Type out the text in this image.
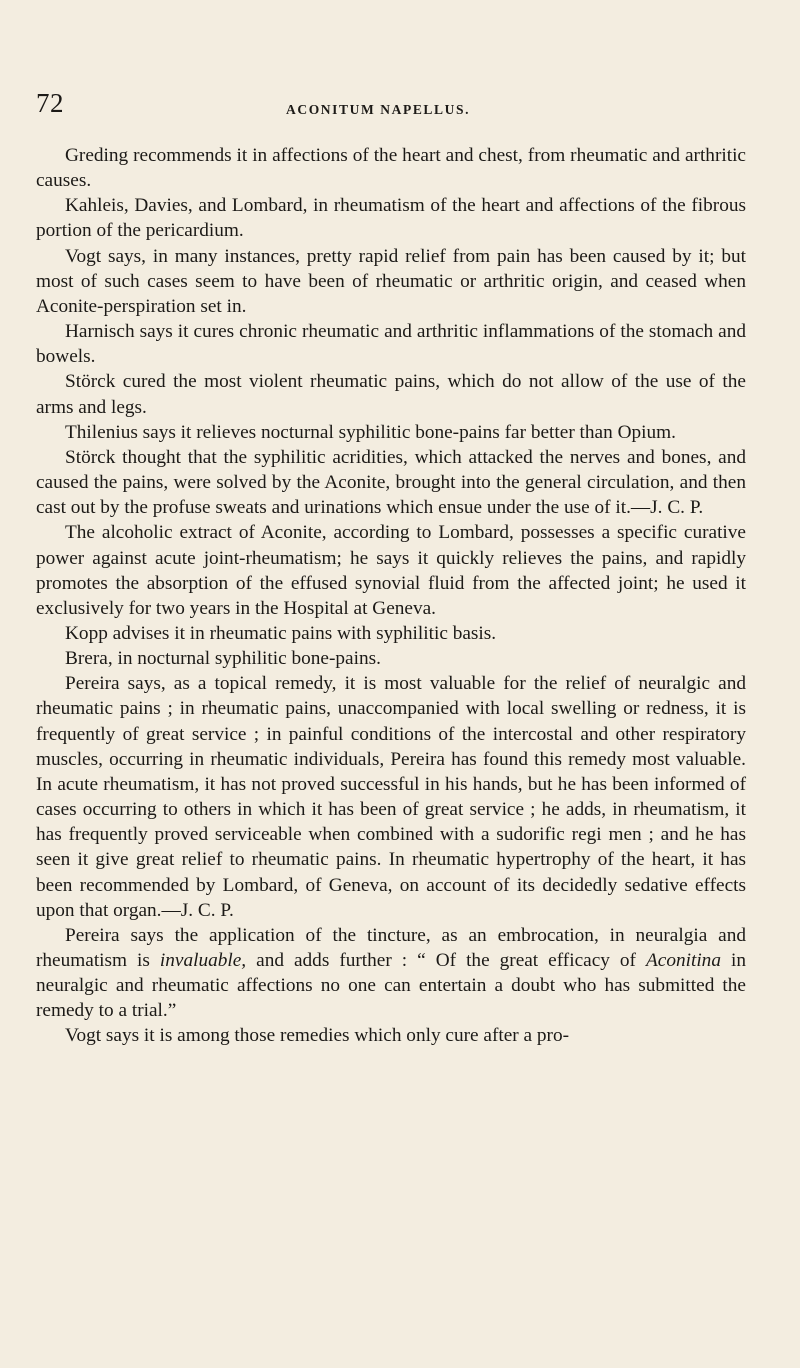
72	ACONITUM NAPELLUS.

Greding recommends it in affections of the heart and chest, from rheumatic and arthritic causes.

Kahleis, Davies, and Lombard, in rheumatism of the heart and affections of the fibrous portion of the pericardium.

Vogt says, in many instances, pretty rapid relief from pain has been caused by it; but most of such cases seem to have been of rheumatic or arthritic origin, and ceased when Aconite-perspiration set in.

Harnisch says it cures chronic rheumatic and arthritic inflammations of the stomach and bowels.

Störck cured the most violent rheumatic pains, which do not allow of the use of the arms and legs.

Thilenius says it relieves nocturnal syphilitic bone-pains far better than Opium.

Störck thought that the syphilitic acridities, which attacked the nerves and bones, and caused the pains, were solved by the Aconite, brought into the general circulation, and then cast out by the profuse sweats and urinations which ensue under the use of it.—J. C. P.

The alcoholic extract of Aconite, according to Lombard, possesses a specific curative power against acute joint-rheumatism; he says it quickly relieves the pains, and rapidly promotes the absorption of the effused synovial fluid from the affected joint; he used it exclusively for two years in the Hospital at Geneva.

Kopp advises it in rheumatic pains with syphilitic basis.

Brera, in nocturnal syphilitic bone-pains.

Pereira says, as a topical remedy, it is most valuable for the relief of neuralgic and rheumatic pains ; in rheumatic pains, unaccompanied with local swelling or redness, it is frequently of great service ; in painful conditions of the intercostal and other respiratory muscles, occurring in rheumatic individuals, Pereira has found this remedy most valuable. In acute rheumatism, it has not proved successful in his hands, but he has been informed of cases occurring to others in which it has been of great service ; he adds, in rheumatism, it has frequently proved serviceable when combined with a sudorific regi men ; and he has seen it give great relief to rheumatic pains. In rheumatic hypertrophy of the heart, it has been recommended by Lombard, of Geneva, on account of its decidedly sedative effects upon that organ.—J. C. P.

Pereira says the application of the tincture, as an embrocation, in neuralgia and rheumatism is invaluable, and adds further : “ Of the great efficacy of Aconitina in neuralgic and rheumatic affections no one can entertain a doubt who has submitted the remedy to a trial.”

Vogt says it is among those remedies which only cure after a pro-
